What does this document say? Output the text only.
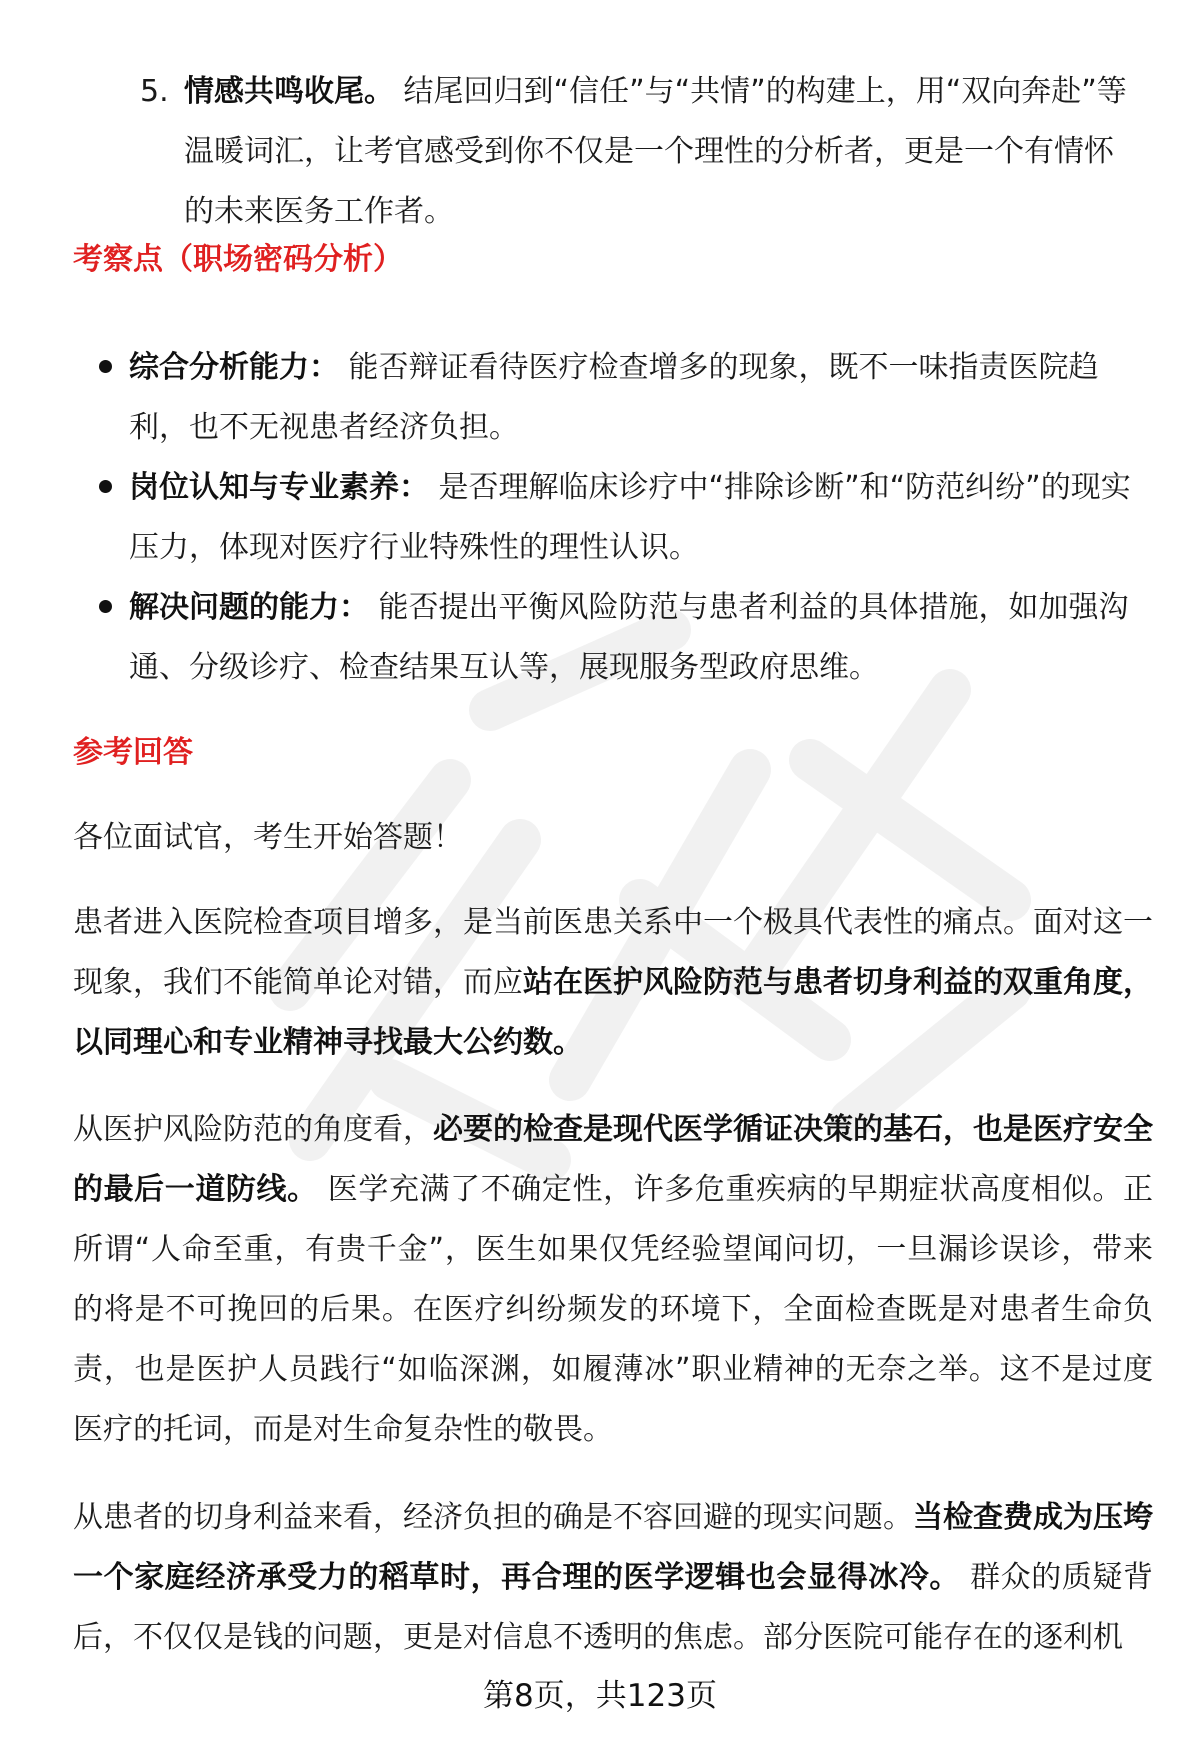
5. 情感共鸣收尾。 结尾回归到“信任”与“共情”的构建上，用“双向奔赴”等温暖词汇，让考官感受到你不仅是一个理性的分析者，更是一个有情怀的未来医务工作者。
考察点（职场密码分析）
综合分析能力： 能否辩证看待医疗检查增多的现象，既不一味指责医院趋利，也不无视患者经济负担。
岗位认知与专业素养： 是否理解临床诊疗中“排除诊断”和“防范纠纷”的现实压力，体现对医疗行业特殊性的理性认识。
解决问题的能力： 能否提出平衡风险防范与患者利益的具体措施，如加强沟通、分级诊疗、检查结果互认等，展现服务型政府思维。
参考回答
各位面试官，考生开始答题！
患者进入医院检查项目增多，是当前医患关系中一个极具代表性的痛点。面对这一现象，我们不能简单论对错，而应站在医护风险防范与患者切身利益的双重角度，以同理心和专业精神寻找最大公约数。
从医护风险防范的角度看，必要的检查是现代医学循证决策的基石，也是医疗安全的最后一道防线。 医学充满了不确定性，许多危重疾病的早期症状高度相似。正所谓“人命至重，有贵千金”，医生如果仅凭经验望闻问切，一旦漏诊误诊，带来的将是不可挽回的后果。在医疗纠纷频发的环境下，全面检查既是对患者生命负责，也是医护人员践行“如临深渊，如履薄冰”职业精神的无奈之举。这不是过度医疗的托词，而是对生命复杂性的敬畏。
从患者的切身利益来看，经济负担的确是不容回避的现实问题。当检查费成为压垮一个家庭经济承受力的稻草时，再合理的医学逻辑也会显得冰冷。 群众的质疑背后，不仅仅是钱的问题，更是对信息不透明的焦虑。部分医院可能存在的逐利机
第8页，共123页
